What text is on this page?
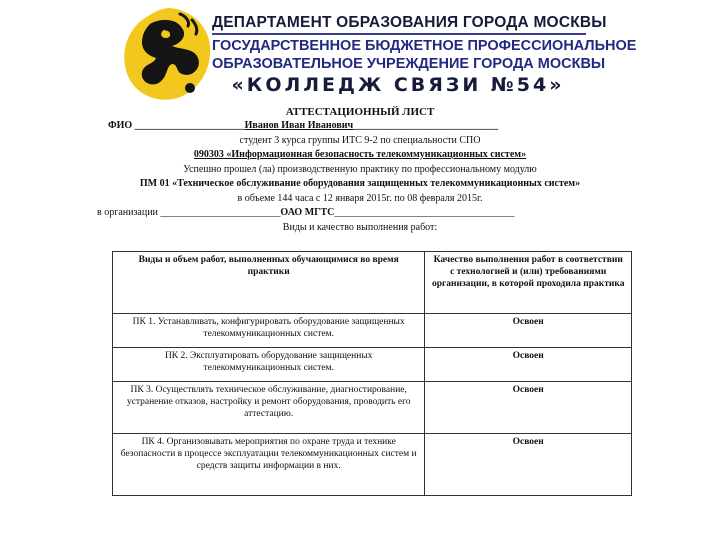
ДЕПАРТАМЕНТ ОБРАЗОВАНИЯ ГОРОДА МОСКВЫ
ГОСУДАРСТВЕННОЕ БЮДЖЕТНОЕ ПРОФЕССИОНАЛЬНОЕ
ОБРАЗОВАТЕЛЬНОЕ УЧРЕЖДЕНИЕ ГОРОДА МОСКВЫ
«КОЛЛЕДЖ СВЯЗИ №54»
АТТЕСТАЦИОННЫЙ ЛИСТ
ФИО ______________________Иванов Иван Иванович_____________________________
студент 3 курса группы ИТС 9-2 по специальности СПО
090303 «Информационная безопасность телекоммуникационных систем»
Успешно прошел (ла) производственную практику по профессиональному модулю
ПМ 01 «Техническое обслуживание оборудования защищенных телекоммуникационных систем»
в объеме 144 часа с 12 января 2015г. по 08 февраля 2015г.
в организации ________________________ОАО МГТС____________________________________
Виды и качество выполнения работ:
Виды и объем работ, выполненных обучающимися во время практики	Качество выполнения работ в соответствии с технологией и (или) требованиями организации, в которой проходила практика
ПК 1. Устанавливать, конфигурировать оборудование защищенных телекоммуникационных систем.	Освоен
ПК 2. Эксплуатировать оборудование защищенных телекоммуникационных систем.	Освоен
ПК 3. Осуществлять техническое обслуживание, диагностирование, устранение отказов, настройку и ремонт оборудования, проводить его аттестацию.	Освоен
ПК 4. Организовывать мероприятия по охране труда и технике безопасности в процессе эксплуатации телекоммуникационных систем и средств защиты информации в них.	Освоен
